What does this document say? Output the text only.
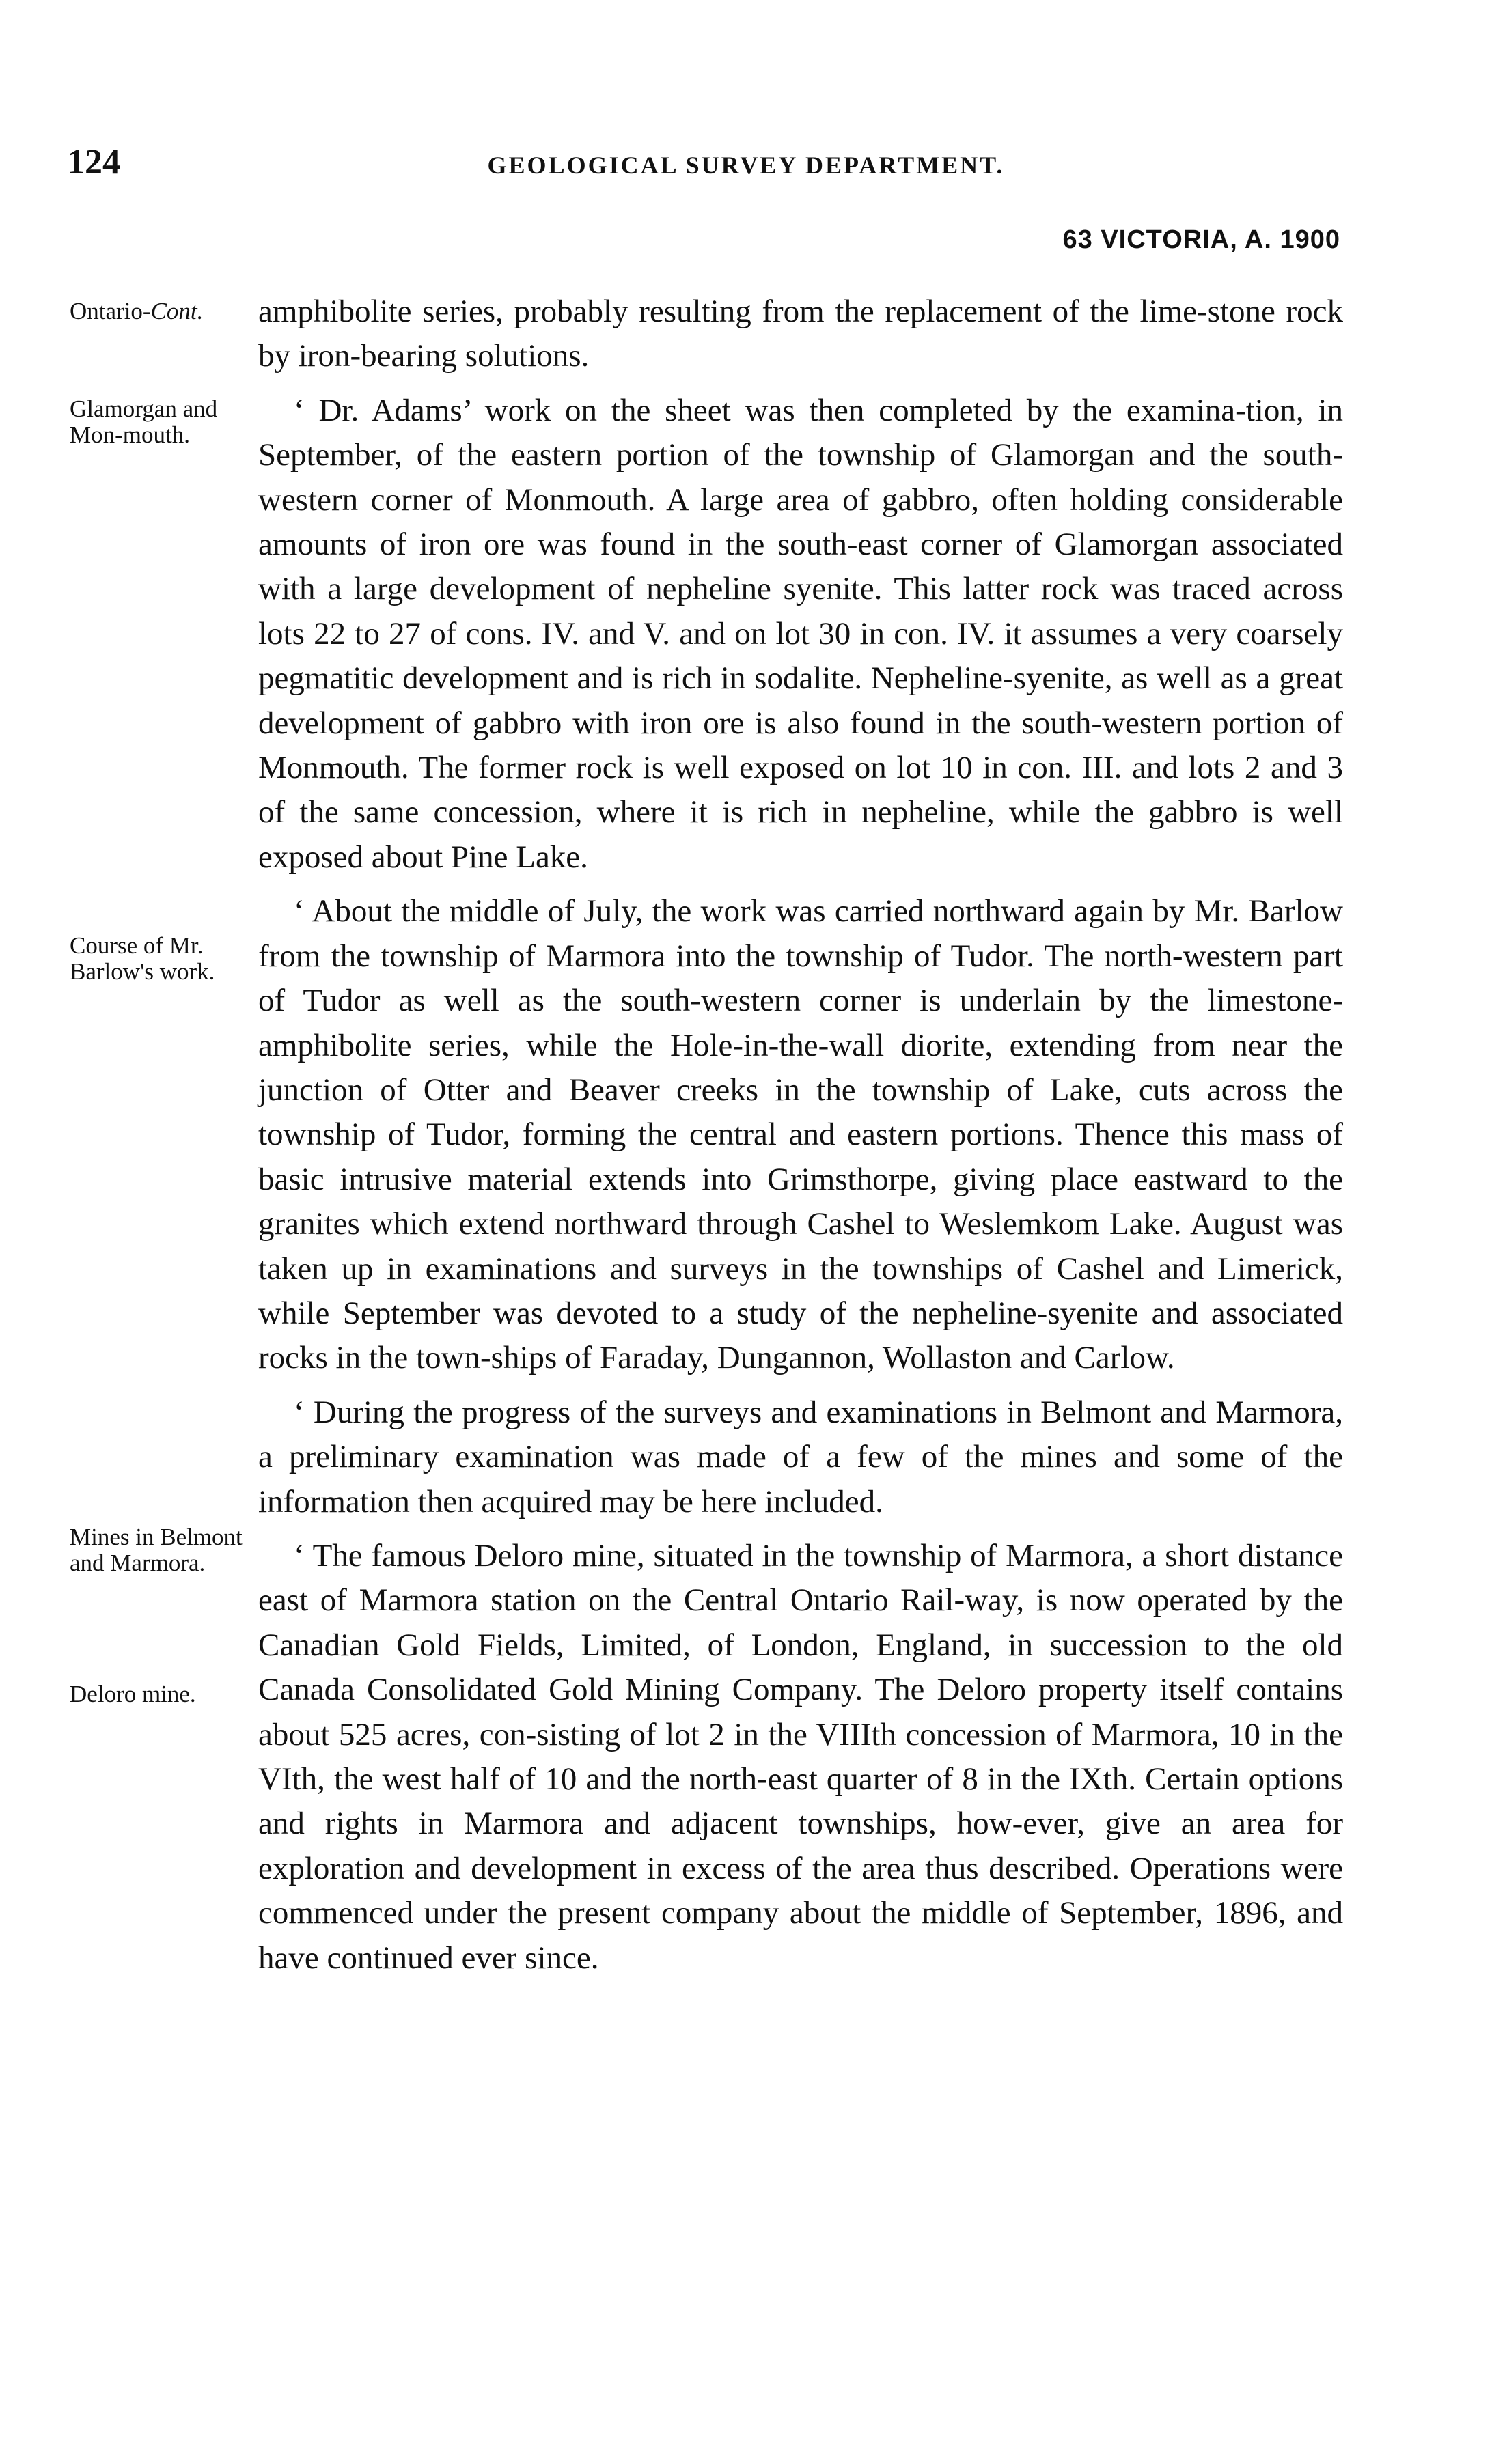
124	GEOLOGICAL SURVEY DEPARTMENT.
63 VICTORIA, A. 1900
Ontario-Cont.
Glamorgan and Mon-mouth.
Course of Mr. Barlow's work.
Mines in Belmont and Marmora.
Deloro mine.

amphibolite series, probably resulting from the replacement of the lime-stone rock by iron-bearing solutions.

‘ Dr. Adams’ work on the sheet was then completed by the examina-tion, in September, of the eastern portion of the township of Glamorgan and the south-western corner of Monmouth. A large area of gabbro, often holding considerable amounts of iron ore was found in the south-east corner of Glamorgan associated with a large development of nepheline syenite. This latter rock was traced across lots 22 to 27 of cons. IV. and V. and on lot 30 in con. IV. it assumes a very coarsely pegmatitic development and is rich in sodalite. Nepheline-syenite, as well as a great development of gabbro with iron ore is also found in the south-western portion of Monmouth. The former rock is well exposed on lot 10 in con. III. and lots 2 and 3 of the same concession, where it is rich in nepheline, while the gabbro is well exposed about Pine Lake.

‘ About the middle of July, the work was carried northward again by Mr. Barlow from the township of Marmora into the township of Tudor. The north-western part of Tudor as well as the south-western corner is underlain by the limestone-amphibolite series, while the Hole-in-the-wall diorite, extending from near the junction of Otter and Beaver creeks in the township of Lake, cuts across the township of Tudor, forming the central and eastern portions. Thence this mass of basic intrusive material extends into Grimsthorpe, giving place eastward to the granites which extend northward through Cashel to Weslemkom Lake. August was taken up in examinations and surveys in the townships of Cashel and Limerick, while September was devoted to a study of the nepheline-syenite and associated rocks in the town-ships of Faraday, Dungannon, Wollaston and Carlow.

‘ During the progress of the surveys and examinations in Belmont and Marmora, a preliminary examination was made of a few of the mines and some of the information then acquired may be here included.

‘ The famous Deloro mine, situated in the township of Marmora, a short distance east of Marmora station on the Central Ontario Rail-way, is now operated by the Canadian Gold Fields, Limited, of London, England, in succession to the old Canada Consolidated Gold Mining Company. The Deloro property itself contains about 525 acres, con-sisting of lot 2 in the VIIIth concession of Marmora, 10 in the VIth, the west half of 10 and the north-east quarter of 8 in the IXth. Certain options and rights in Marmora and adjacent townships, how-ever, give an area for exploration and development in excess of the area thus described. Operations were commenced under the present company about the middle of September, 1896, and have continued ever since.
